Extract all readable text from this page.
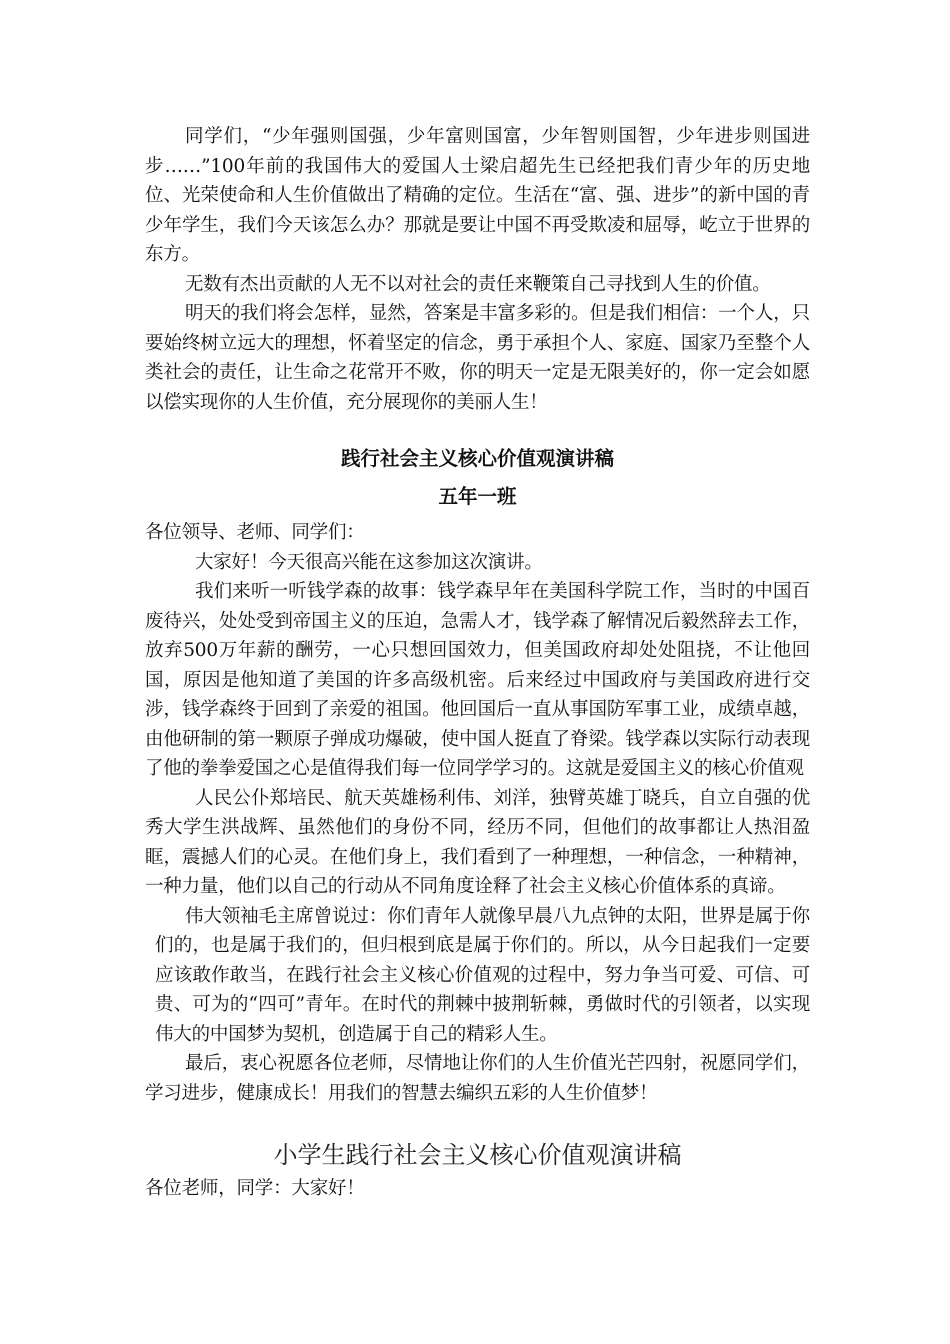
同学们，“少年强则国强，少年富则国富，少年智则国智，少年进步则国进步……”100年前的我国伟大的爱国人士梁启超先生已经把我们青少年的历史地位、光荣使命和人生价值做出了精确的定位。生活在“富、强、进步”的新中国的青少年学生，我们今天该怎么办？那就是要让中国不再受欺凌和屈辱，屹立于世界的东方。

无数有杰出贡献的人无不以对社会的责任来鞭策自己寻找到人生的价值。

明天的我们将会怎样，显然，答案是丰富多彩的。但是我们相信：一个人，只要始终树立远大的理想，怀着坚定的信念，勇于承担个人、家庭、国家乃至整个人类社会的责任，让生命之花常开不败，你的明天一定是无限美好的，你一定会如愿以偿实现你的人生价值，充分展现你的美丽人生！

践行社会主义核心价值观演讲稿
五年一班

各位领导、老师、同学们：

大家好！今天很高兴能在这参加这次演讲。

我们来听一听钱学森的故事：钱学森早年在美国科学院工作，当时的中国百废待兴，处处受到帝国主义的压迫，急需人才，钱学森了解情况后毅然辞去工作，放弃500万年薪的酬劳，一心只想回国效力，但美国政府却处处阻挠，不让他回国，原因是他知道了美国的许多高级机密。后来经过中国政府与美国政府进行交涉，钱学森终于回到了亲爱的祖国。他回国后一直从事国防军事工业，成绩卓越，由他研制的第一颗原子弹成功爆破，使中国人挺直了脊梁。钱学森以实际行动表现了他的拳拳爱国之心是值得我们每一位同学学习的。这就是爱国主义的核心价值观

人民公仆郑培民、航天英雄杨利伟、刘洋，独臂英雄丁晓兵，自立自强的优秀大学生洪战辉、虽然他们的身份不同，经历不同，但他们的故事都让人热泪盈眶，震撼人们的心灵。在他们身上，我们看到了一种理想，一种信念，一种精神，一种力量，他们以自己的行动从不同角度诠释了社会主义核心价值体系的真谛。

伟大领袖毛主席曾说过：你们青年人就像早晨八九点钟的太阳，世界是属于你们的，也是属于我们的，但归根到底是属于你们的。所以，从今日起我们一定要应该敢作敢当，在践行社会主义核心价值观的过程中，努力争当可爱、可信、可贵、可为的“四可”青年。在时代的荆棘中披荆斩棘，勇做时代的引领者，以实现伟大的中国梦为契机，创造属于自己的精彩人生。

最后，衷心祝愿各位老师，尽情地让你们的人生价值光芒四射，祝愿同学们，学习进步，健康成长！用我们的智慧去编织五彩的人生价值梦！

小学生践行社会主义核心价值观演讲稿

各位老师，同学：大家好！
